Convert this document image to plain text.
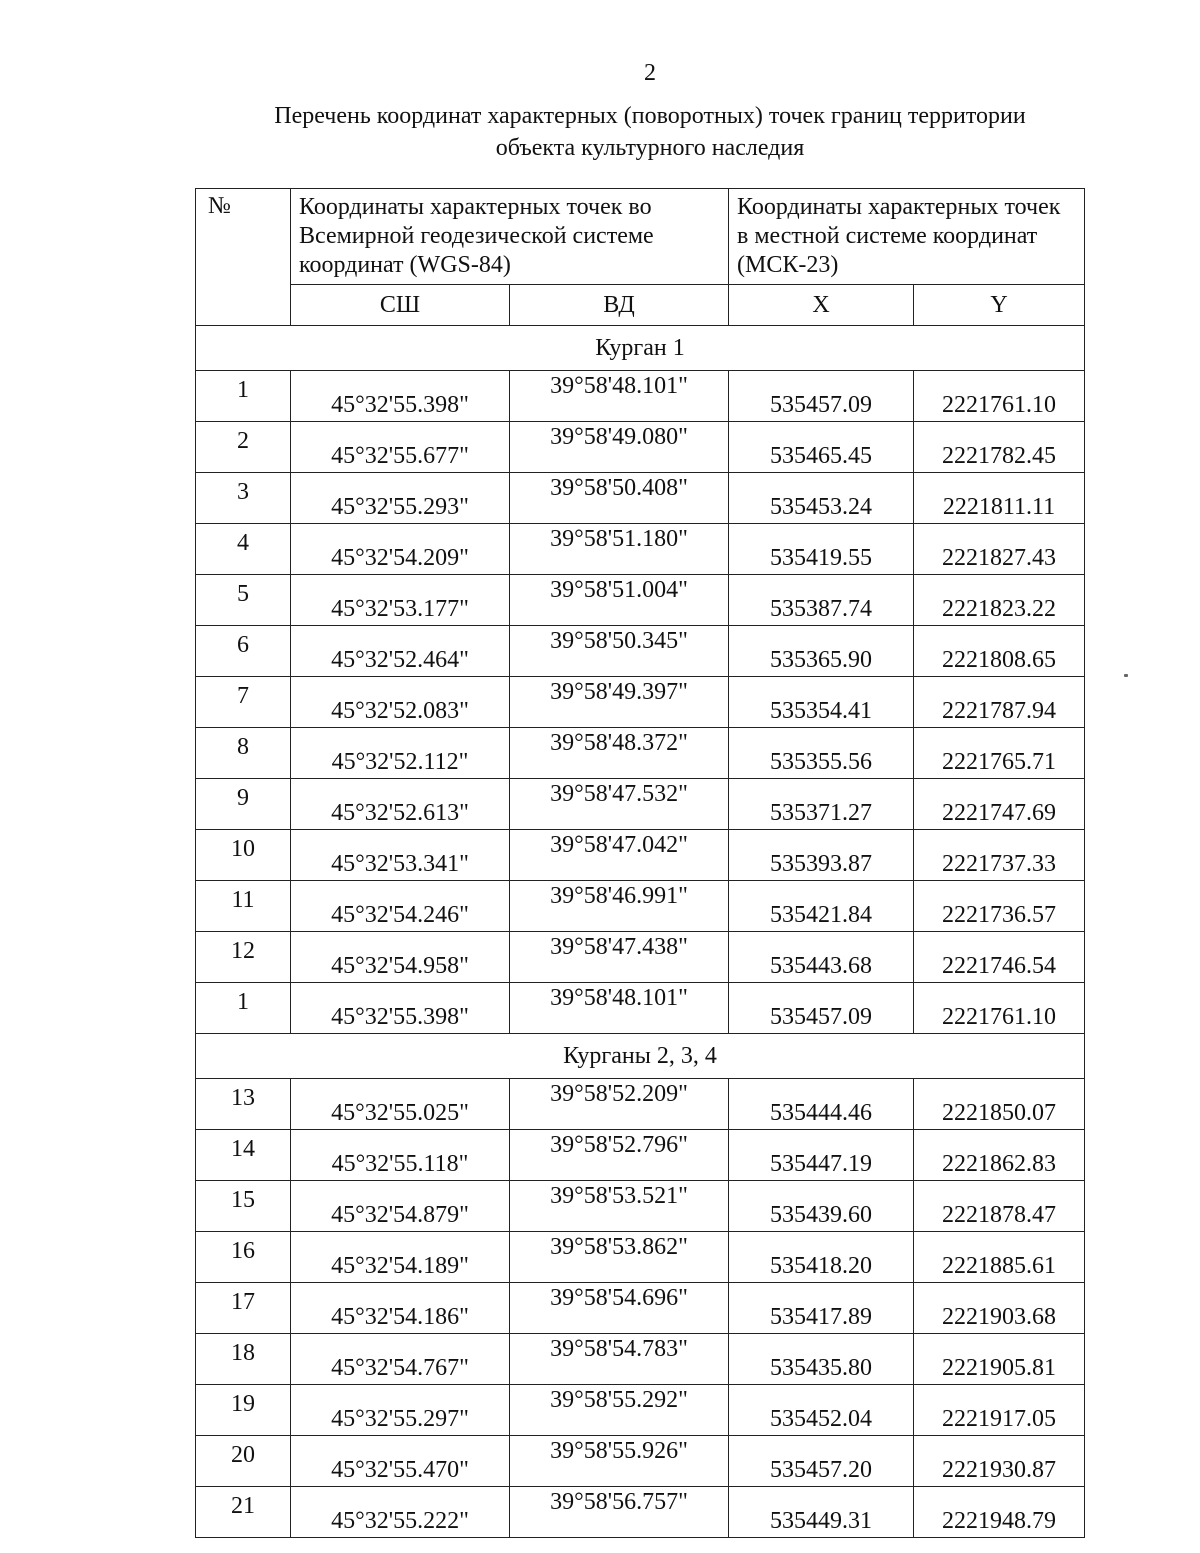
2
Перечень координат характерных (поворотных) точек границ территории
объекта культурного наследия
№	Координаты характерных точек во Всемирной геодезической системе координат (WGS-84)		Координаты характерных точек в местной системе координат (МСК-23)	
	СШ	ВД	X	Y
Курган 1				
1	45°32'55.398"	39°58'48.101"	535457.09	2221761.10
2	45°32'55.677"	39°58'49.080"	535465.45	2221782.45
3	45°32'55.293"	39°58'50.408"	535453.24	2221811.11
4	45°32'54.209"	39°58'51.180"	535419.55	2221827.43
5	45°32'53.177"	39°58'51.004"	535387.74	2221823.22
6	45°32'52.464"	39°58'50.345"	535365.90	2221808.65
7	45°32'52.083"	39°58'49.397"	535354.41	2221787.94
8	45°32'52.112"	39°58'48.372"	535355.56	2221765.71
9	45°32'52.613"	39°58'47.532"	535371.27	2221747.69
10	45°32'53.341"	39°58'47.042"	535393.87	2221737.33
11	45°32'54.246"	39°58'46.991"	535421.84	2221736.57
12	45°32'54.958"	39°58'47.438"	535443.68	2221746.54
1	45°32'55.398"	39°58'48.101"	535457.09	2221761.10
Курганы 2, 3, 4				
13	45°32'55.025"	39°58'52.209"	535444.46	2221850.07
14	45°32'55.118"	39°58'52.796"	535447.19	2221862.83
15	45°32'54.879"	39°58'53.521"	535439.60	2221878.47
16	45°32'54.189"	39°58'53.862"	535418.20	2221885.61
17	45°32'54.186"	39°58'54.696"	535417.89	2221903.68
18	45°32'54.767"	39°58'54.783"	535435.80	2221905.81
19	45°32'55.297"	39°58'55.292"	535452.04	2221917.05
20	45°32'55.470"	39°58'55.926"	535457.20	2221930.87
21	45°32'55.222"	39°58'56.757"	535449.31	2221948.79
